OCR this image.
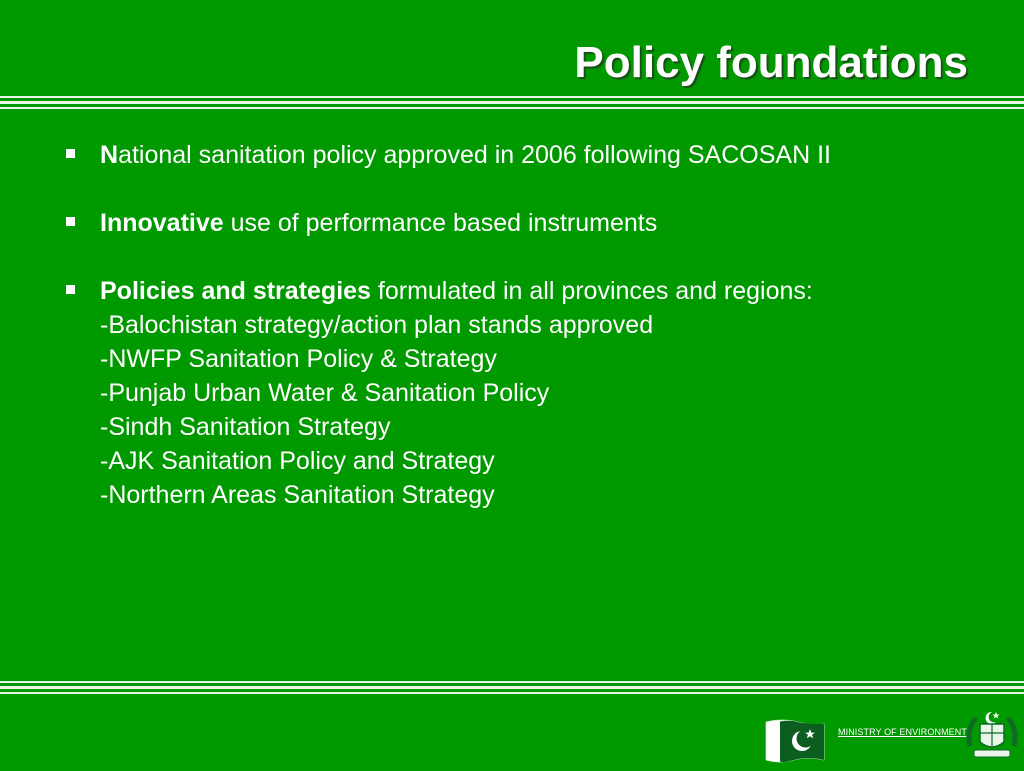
Policy foundations
National sanitation policy approved in 2006 following SACOSAN II
Innovative use of performance based instruments
Policies and strategies formulated in all provinces and regions:
-Balochistan strategy/action plan stands approved
-NWFP Sanitation Policy & Strategy
-Punjab Urban Water & Sanitation Policy
-Sindh Sanitation Strategy
-AJK Sanitation Policy and Strategy
-Northern Areas Sanitation Strategy
MINISTRY OF ENVIRONMENT
